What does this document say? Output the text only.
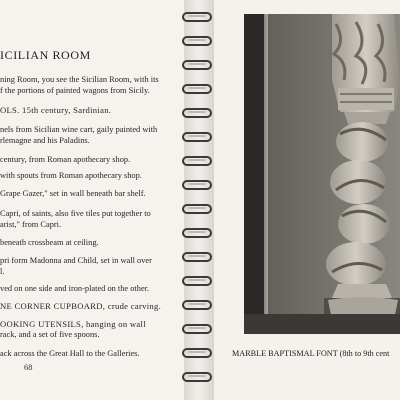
ICILIAN ROOM
ning Room, you see the Sicilian Room, with its
f the portions of painted wagons from Sicily.
OLS. 15th century, Sardinian.
nels from Sicilian wine cart, gaily painted with
rlemagne and his Paladins.
century, from Roman apothecary shop.
with spouts from Roman apothecary shop.
Grape Gazer," set in wall beneath bar shelf.
Capri, of saints, also five tiles put together to
arist," from Capri.
beneath crossbeam at ceiling.
pri form Madonna and Child, set in wall over
l.
ved on one side and iron-plated on the other.
NE CORNER CUPBOARD, crude carving.
OOKING UTENSILS, hanging on wall
rack, and a set of five spoons.
ack across the Great Hall to the Galleries.
68
MARBLE BAPTISMAL FONT (8th to 9th cent
